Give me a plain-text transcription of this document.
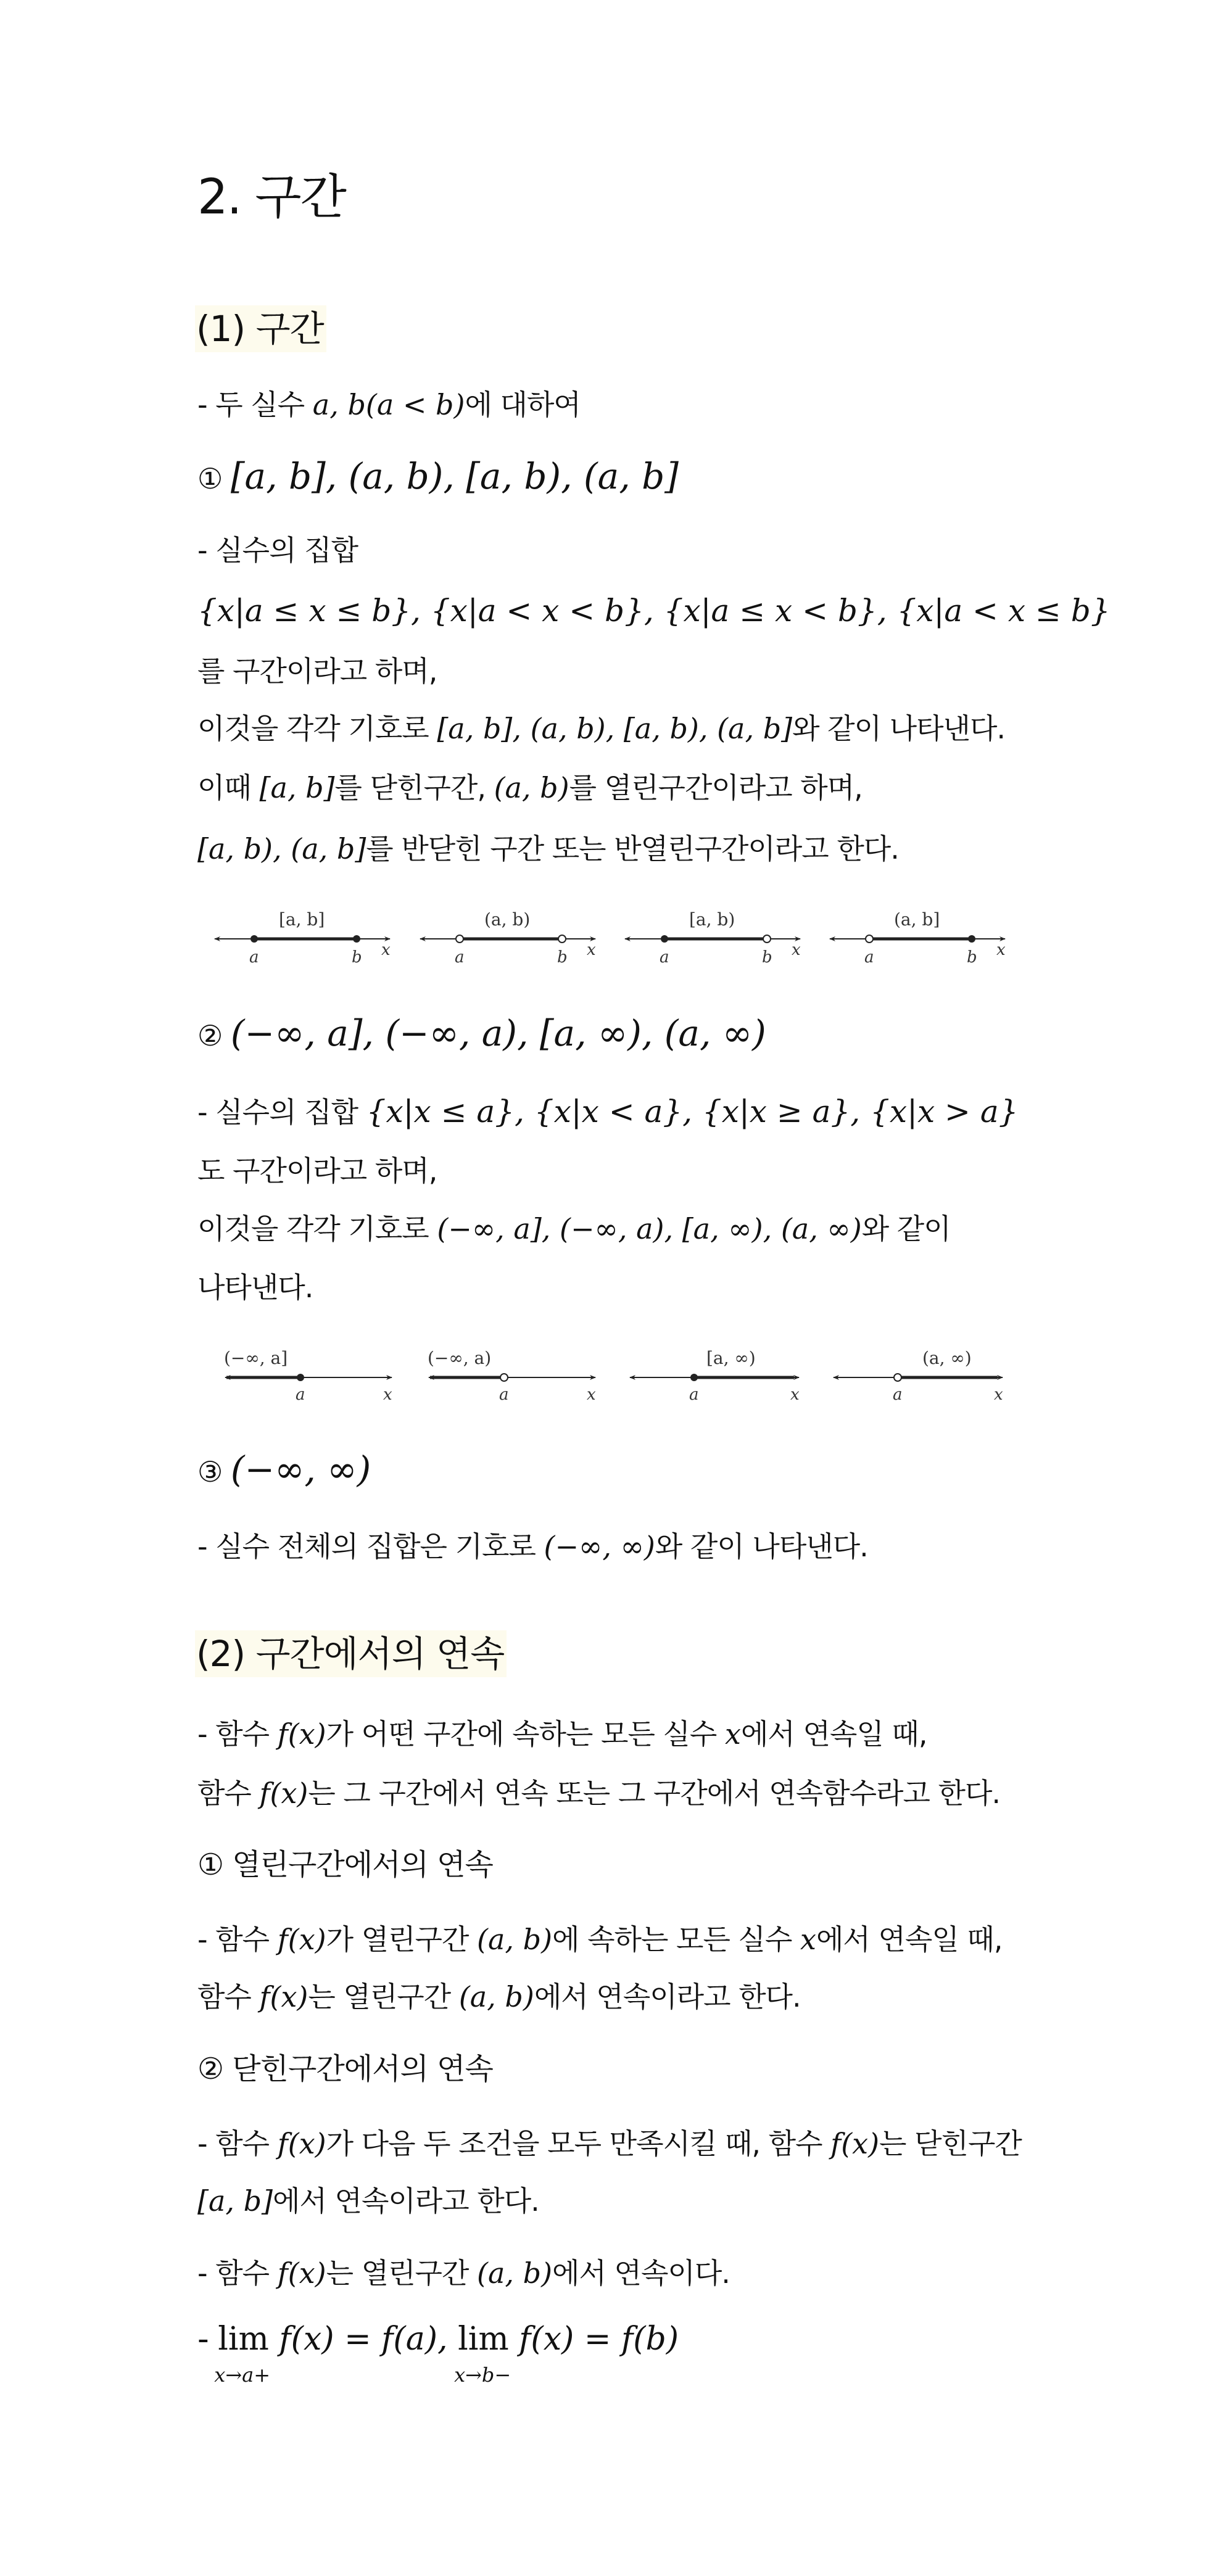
2. 구간
(1) 구간
- 두 실수 a, b(a < b)에 대하여
① [a, b], (a, b), [a, b), (a, b]
- 실수의 집합
{x|a ≤ x ≤ b}, {x|a < x < b}, {x|a ≤ x < b}, {x|a < x ≤ b}
를 구간이라고 하며,
이것을 각각 기호로 [a, b], (a, b), [a, b), (a, b]와 같이 나타낸다.
이때 [a, b]를 닫힌구간, (a, b)를 열린구간이라고 하며,
[a, b), (a, b]를 반닫힌 구간 또는 반열린구간이라고 한다.
[a, b]
a	b x
(a, b)
a	b x
[a, b)
a	b x
(a, b]
a	b x
② (−∞, a], (−∞, a), [a, ∞), (a, ∞)
- 실수의 집합 {x|x ≤ a}, {x|x < a}, {x|x ≥ a}, {x|x > a}
도 구간이라고 하며,
이것을 각각 기호로 (−∞, a], (−∞, a), [a, ∞), (a, ∞)와 같이
나타낸다.
(−∞, a]
a	x
(−∞, a)
a	x
[a, ∞)
a	x
(a, ∞)
a	x
③ (−∞, ∞)
- 실수 전체의 집합은 기호로 (−∞, ∞)와 같이 나타낸다.
(2) 구간에서의 연속
- 함수 f(x)가 어떤 구간에 속하는 모든 실수 x에서 연속일 때,
함수 f(x)는 그 구간에서 연속 또는 그 구간에서 연속함수라고 한다.
① 열린구간에서의 연속
- 함수 f(x)가 열린구간 (a, b)에 속하는 모든 실수 x에서 연속일 때,
함수 f(x)는 열린구간 (a, b)에서 연속이라고 한다.
② 닫힌구간에서의 연속
- 함수 f(x)가 다음 두 조건을 모두 만족시킬 때, 함수 f(x)는 닫힌구간
[a, b]에서 연속이라고 한다.
- 함수 f(x)는 열린구간 (a, b)에서 연속이다.
- lim
x→a+
f(x) = f(a), lim
x→b−
f(x) = f(b)
